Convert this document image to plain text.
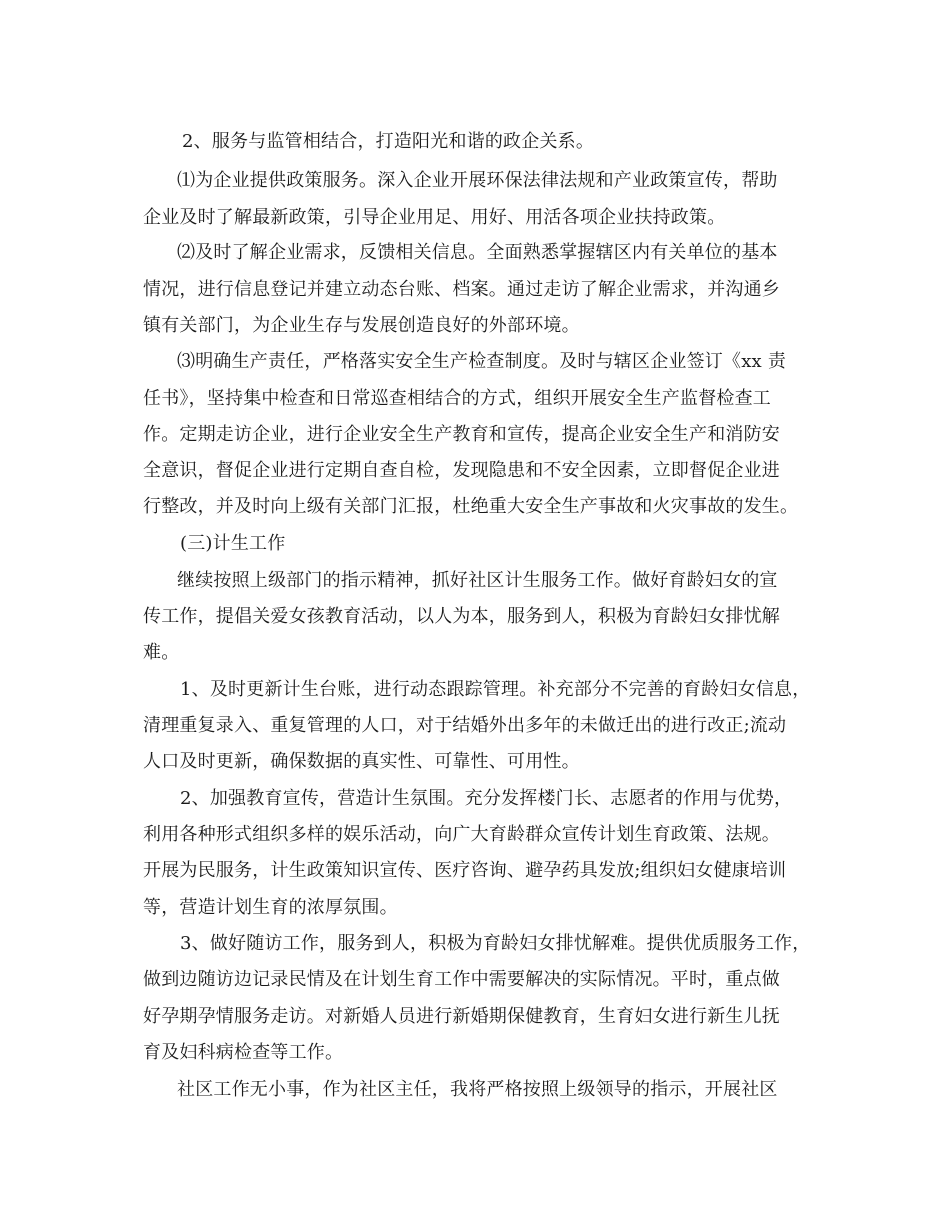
2、服务与监管相结合，打造阳光和谐的政企关系。
⑴为企业提供政策服务。深入企业开展环保法律法规和产业政策宣传，帮助
企业及时了解最新政策，引导企业用足、用好、用活各项企业扶持政策。
⑵及时了解企业需求，反馈相关信息。全面熟悉掌握辖区内有关单位的基本
情况，进行信息登记并建立动态台账、档案。通过走访了解企业需求，并沟通乡
镇有关部门，为企业生存与发展创造良好的外部环境。
⑶明确生产责任，严格落实安全生产检查制度。及时与辖区企业签订《xx 责
任书》，坚持集中检查和日常巡查相结合的方式，组织开展安全生产监督检查工
作。定期走访企业，进行企业安全生产教育和宣传，提高企业安全生产和消防安
全意识，督促企业进行定期自查自检，发现隐患和不安全因素，立即督促企业进
行整改，并及时向上级有关部门汇报，杜绝重大安全生产事故和火灾事故的发生。
(三)计生工作
继续按照上级部门的指示精神，抓好社区计生服务工作。做好育龄妇女的宣
传工作，提倡关爱女孩教育活动，以人为本，服务到人，积极为育龄妇女排忧解
难。
1、及时更新计生台账，进行动态跟踪管理。补充部分不完善的育龄妇女信息，
清理重复录入、重复管理的人口，对于结婚外出多年的未做迁出的进行改正;流动
人口及时更新，确保数据的真实性、可靠性、可用性。
2、加强教育宣传，营造计生氛围。充分发挥楼门长、志愿者的作用与优势，
利用各种形式组织多样的娱乐活动，向广大育龄群众宣传计划生育政策、法规。
开展为民服务，计生政策知识宣传、医疗咨询、避孕药具发放;组织妇女健康培训
等，营造计划生育的浓厚氛围。
3、做好随访工作，服务到人，积极为育龄妇女排忧解难。提供优质服务工作，
做到边随访边记录民情及在计划生育工作中需要解决的实际情况。平时，重点做
好孕期孕情服务走访。对新婚人员进行新婚期保健教育，生育妇女进行新生儿抚
育及妇科病检查等工作。
社区工作无小事，作为社区主任，我将严格按照上级领导的指示，开展社区
